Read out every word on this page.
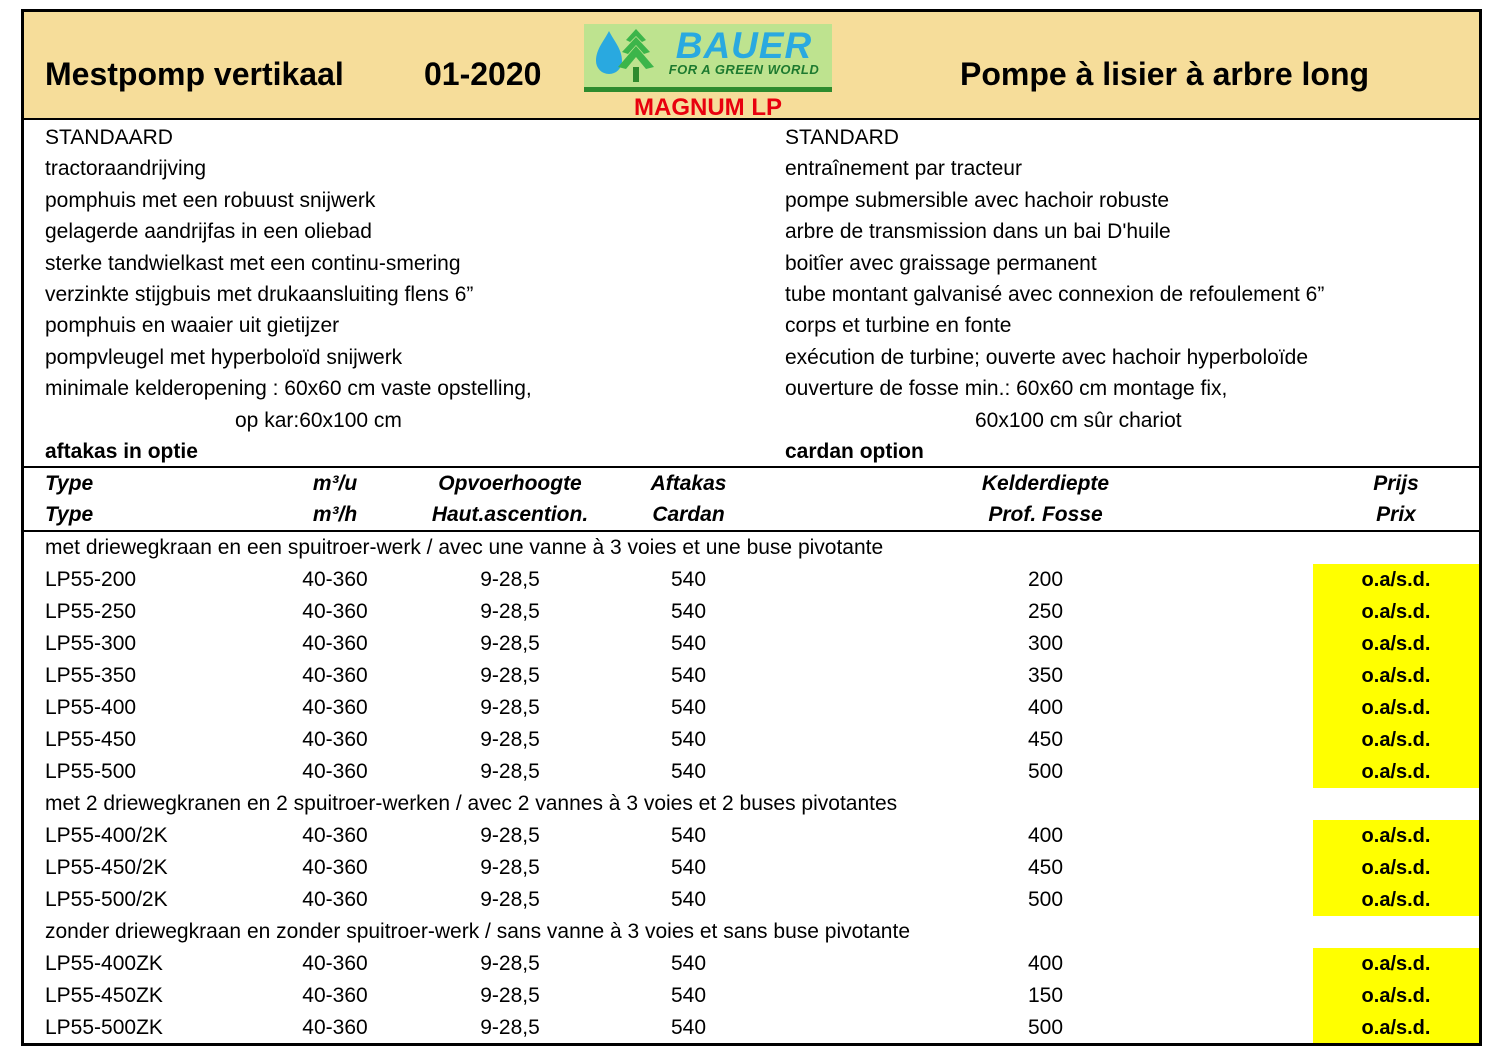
Mestpomp vertikaal	01-2020
BAUER
FOR A GREEN WORLD
MAGNUM LP
Pompe à lisier à arbre long
STANDAARD
tractoraandrijving
pomphuis met een robuust snijwerk
gelagerde aandrijfas in een oliebad
sterke tandwielkast met een continu-smering
verzinkte stijgbuis met drukaansluiting flens 6”
pomphuis en waaier uit gietijzer
pompvleugel met hyperboloïd snijwerk
minimale kelderopening : 60x60 cm vaste opstelling,
op kar:60x100 cm
aftakas in optie
STANDARD
entraînement par tracteur
pompe submersible avec hachoir robuste
arbre de transmission dans un bai D'huile
boitîer avec graissage permanent
tube montant galvanisé avec connexion de refoulement 6”
corps et turbine en fonte
exécution de turbine; ouverte avec hachoir hyperboloïde
ouverture de fosse min.: 60x60 cm montage fix,
60x100 cm sûr chariot
cardan option
Type	m³/u	Opvoerhoogte	Aftakas	Kelderdiepte	Prijs
Type	m³/h	Haut.ascention.	Cardan	Prof. Fosse	Prix
met driewegkraan en een spuitroer-werk / avec une vanne à 3 voies et une buse pivotante
LP55-200	40-360	9-28,5	540	200	o.a/s.d.
LP55-250	40-360	9-28,5	540	250	o.a/s.d.
LP55-300	40-360	9-28,5	540	300	o.a/s.d.
LP55-350	40-360	9-28,5	540	350	o.a/s.d.
LP55-400	40-360	9-28,5	540	400	o.a/s.d.
LP55-450	40-360	9-28,5	540	450	o.a/s.d.
LP55-500	40-360	9-28,5	540	500	o.a/s.d.
met 2 driewegkranen en 2 spuitroer-werken / avec 2 vannes à 3 voies et 2 buses pivotantes
LP55-400/2K	40-360	9-28,5	540	400	o.a/s.d.
LP55-450/2K	40-360	9-28,5	540	450	o.a/s.d.
LP55-500/2K	40-360	9-28,5	540	500	o.a/s.d.
zonder driewegkraan en zonder spuitroer-werk / sans vanne à 3 voies et sans buse pivotante
LP55-400ZK	40-360	9-28,5	540	400	o.a/s.d.
LP55-450ZK	40-360	9-28,5	540	150	o.a/s.d.
LP55-500ZK	40-360	9-28,5	540	500	o.a/s.d.
